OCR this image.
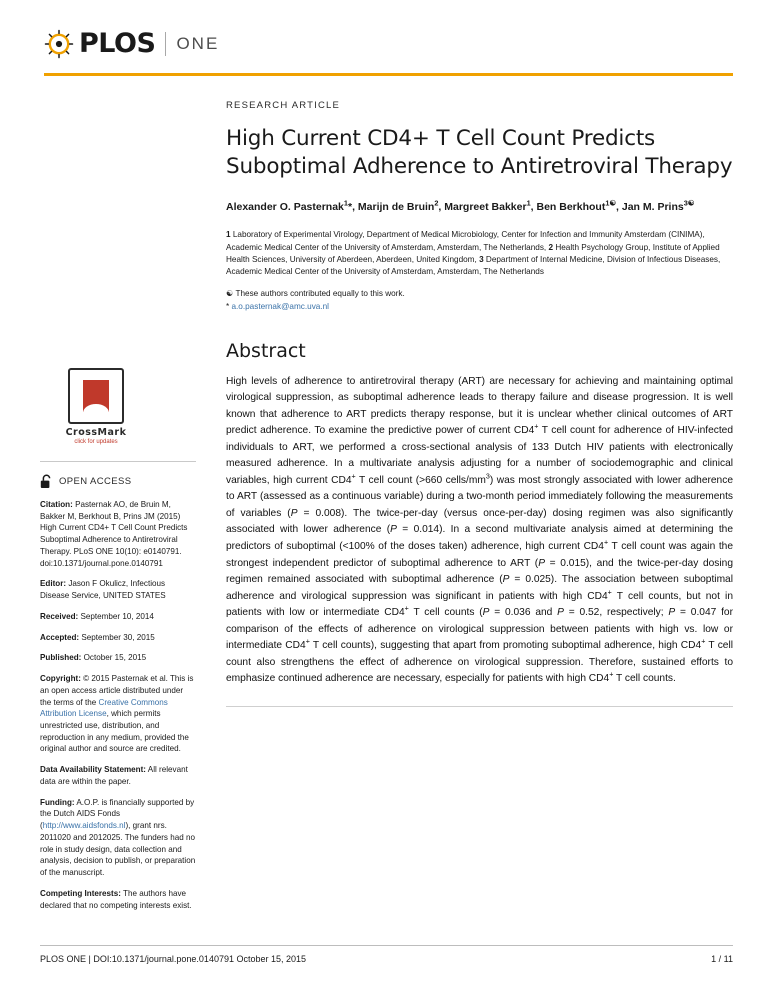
PLOS ONE
CrossMark
click for updates
OPEN ACCESS
Citation: Pasternak AO, de Bruin M, Bakker M, Berkhout B, Prins JM (2015) High Current CD4+ T Cell Count Predicts Suboptimal Adherence to Antiretroviral Therapy. PLoS ONE 10(10): e0140791. doi:10.1371/journal.pone.0140791
Editor: Jason F Okulicz, Infectious Disease Service, UNITED STATES
Received: September 10, 2014
Accepted: September 30, 2015
Published: October 15, 2015
Copyright: © 2015 Pasternak et al. This is an open access article distributed under the terms of the Creative Commons Attribution License, which permits unrestricted use, distribution, and reproduction in any medium, provided the original author and source are credited.
Data Availability Statement: All relevant data are within the paper.
Funding: A.O.P. is financially supported by the Dutch AIDS Fonds (http://www.aidsfonds.nl), grant nrs. 2011020 and 2012025. The funders had no role in study design, data collection and analysis, decision to publish, or preparation of the manuscript.
Competing Interests: The authors have declared that no competing interests exist.
RESEARCH ARTICLE
High Current CD4+ T Cell Count Predicts Suboptimal Adherence to Antiretroviral Therapy
Alexander O. Pasternak$^1$*, Marijn de Bruin$^2$, Margreet Bakker$^1$, Ben Berkhout$^{1☯}$, Jan M. Prins$^{3☯}$
1 Laboratory of Experimental Virology, Department of Medical Microbiology, Center for Infection and Immunity Amsterdam (CINIMA), Academic Medical Center of the University of Amsterdam, Amsterdam, The Netherlands, 2 Health Psychology Group, Institute of Applied Health Sciences, University of Aberdeen, Aberdeen, United Kingdom, 3 Department of Internal Medicine, Division of Infectious Diseases, Academic Medical Center of the University of Amsterdam, Amsterdam, The Netherlands
☯ These authors contributed equally to this work.
* a.o.pasternak@amc.uva.nl
Abstract
High levels of adherence to antiretroviral therapy (ART) are necessary for achieving and maintaining optimal virological suppression, as suboptimal adherence leads to therapy failure and disease progression. It is well known that adherence to ART predicts therapy response, but it is unclear whether clinical outcomes of ART predict adherence. To examine the predictive power of current CD4+ T cell count for adherence of HIV-infected individuals to ART, we performed a cross-sectional analysis of 133 Dutch HIV patients with electronically measured adherence. In a multivariate analysis adjusting for a number of sociodemographic and clinical variables, high current CD4+ T cell count (>660 cells/$mm^3$) was most strongly associated with lower adherence to ART (assessed as a continuous variable) during a two-month period immediately following the measurements of variables (P = 0.008). The twice-per-day (versus once-per-day) dosing regimen was also significantly associated with lower adherence (P = 0.014). In a second multivariate analysis aimed at determining the predictors of suboptimal (<100% of the doses taken) adherence, high current CD4+ T cell count was again the strongest independent predictor of suboptimal adherence to ART (P = 0.015), and the twice-per-day dosing regimen remained associated with suboptimal adherence (P = 0.025). The association between suboptimal adherence and virological suppression was significant in patients with high CD4+ T cell counts, but not in patients with low or intermediate CD4+ T cell counts (P = 0.036 and P = 0.52, respectively; P = 0.047 for comparison of the effects of adherence on virological suppression between patients with high vs. low or intermediate CD4+ T cell counts), suggesting that apart from promoting suboptimal adherence, high CD4+ T cell count also strengthens the effect of adherence on virological suppression. Therefore, sustained efforts to emphasize continued adherence are necessary, especially for patients with high CD4+ T cell counts.
PLOS ONE | DOI:10.1371/journal.pone.0140791 October 15, 2015	1 / 11
